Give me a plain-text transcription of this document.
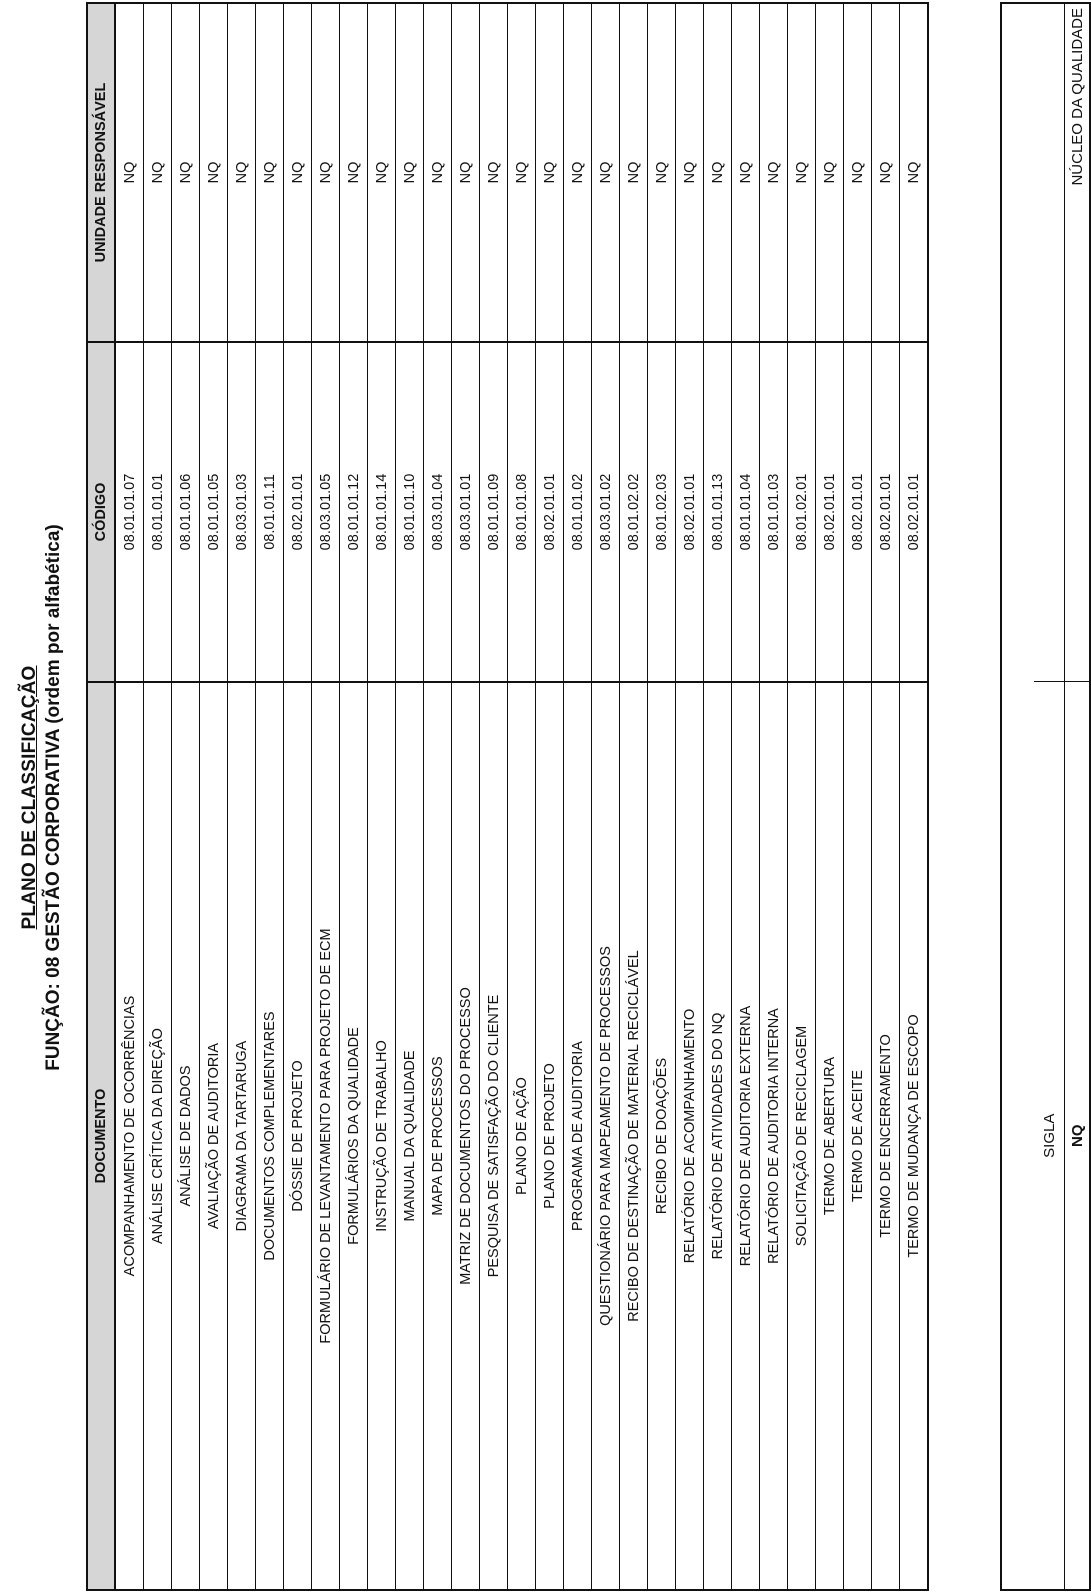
PLANO DE CLASSIFICAÇÃO FUNÇÃO: 08 GESTÃO CORPORATIVA (ordem por alfabética)
DOCUMENTO	CÓDIGO	UNIDADE RESPONSÁVEL
ACOMPANHAMENTO DE OCORRÊNCIAS	08.01.01.07	NQ
ANÁLISE CRÍTICA DA DIREÇÃO	08.01.01.01	NQ
ANÁLISE DE DADOS	08.01.01.06	NQ
AVALIAÇÃO DE AUDITORIA	08.01.01.05	NQ
DIAGRAMA DA TARTARUGA	08.03.01.03	NQ
DOCUMENTOS COMPLEMENTARES	08.01.01.11	NQ
DÓSSIE DE PROJETO	08.02.01.01	NQ
FORMULÁRIO DE LEVANTAMENTO PARA PROJETO DE ECM	08.03.01.05	NQ
FORMULÁRIOS DA QUALIDADE	08.01.01.12	NQ
INSTRUÇÃO DE TRABALHO	08.01.01.14	NQ
MANUAL DA QUALIDADE	08.01.01.10	NQ
MAPA DE PROCESSOS	08.03.01.04	NQ
MATRIZ DE DOCUMENTOS DO PROCESSO	08.03.01.01	NQ
PESQUISA DE SATISFAÇÃO DO CLIENTE	08.01.01.09	NQ
PLANO DE AÇÃO	08.01.01.08	NQ
PLANO DE PROJETO	08.02.01.01	NQ
PROGRAMA DE AUDITORIA	08.01.01.02	NQ
QUESTIONÁRIO PARA MAPEAMENTO DE PROCESSOS	08.03.01.02	NQ
RECIBO DE DESTINAÇÃO DE MATERIAL RECICLÁVEL	08.01.02.02	NQ
RECIBO DE DOAÇÕES	08.01.02.03	NQ
RELATÓRIO DE ACOMPANHAMENTO	08.02.01.01	NQ
RELATÓRIO DE ATIVIDADES DO NQ	08.01.01.13	NQ
RELATÓRIO DE AUDITORIA EXTERNA	08.01.01.04	NQ
RELATÓRIO DE AUDITORIA INTERNA	08.01.01.03	NQ
SOLICITAÇÃO DE RECICLAGEM	08.01.02.01	NQ
TERMO DE ABERTURA	08.02.01.01	NQ
TERMO DE ACEITE	08.02.01.01	NQ
TERMO DE ENCERRAMENTO	08.02.01.01	NQ
TERMO DE MUDANÇA DE ESCOPO	08.02.01.01	NQ

SIGLA	
NQ	NÚCLEO DA QUALIDADE
